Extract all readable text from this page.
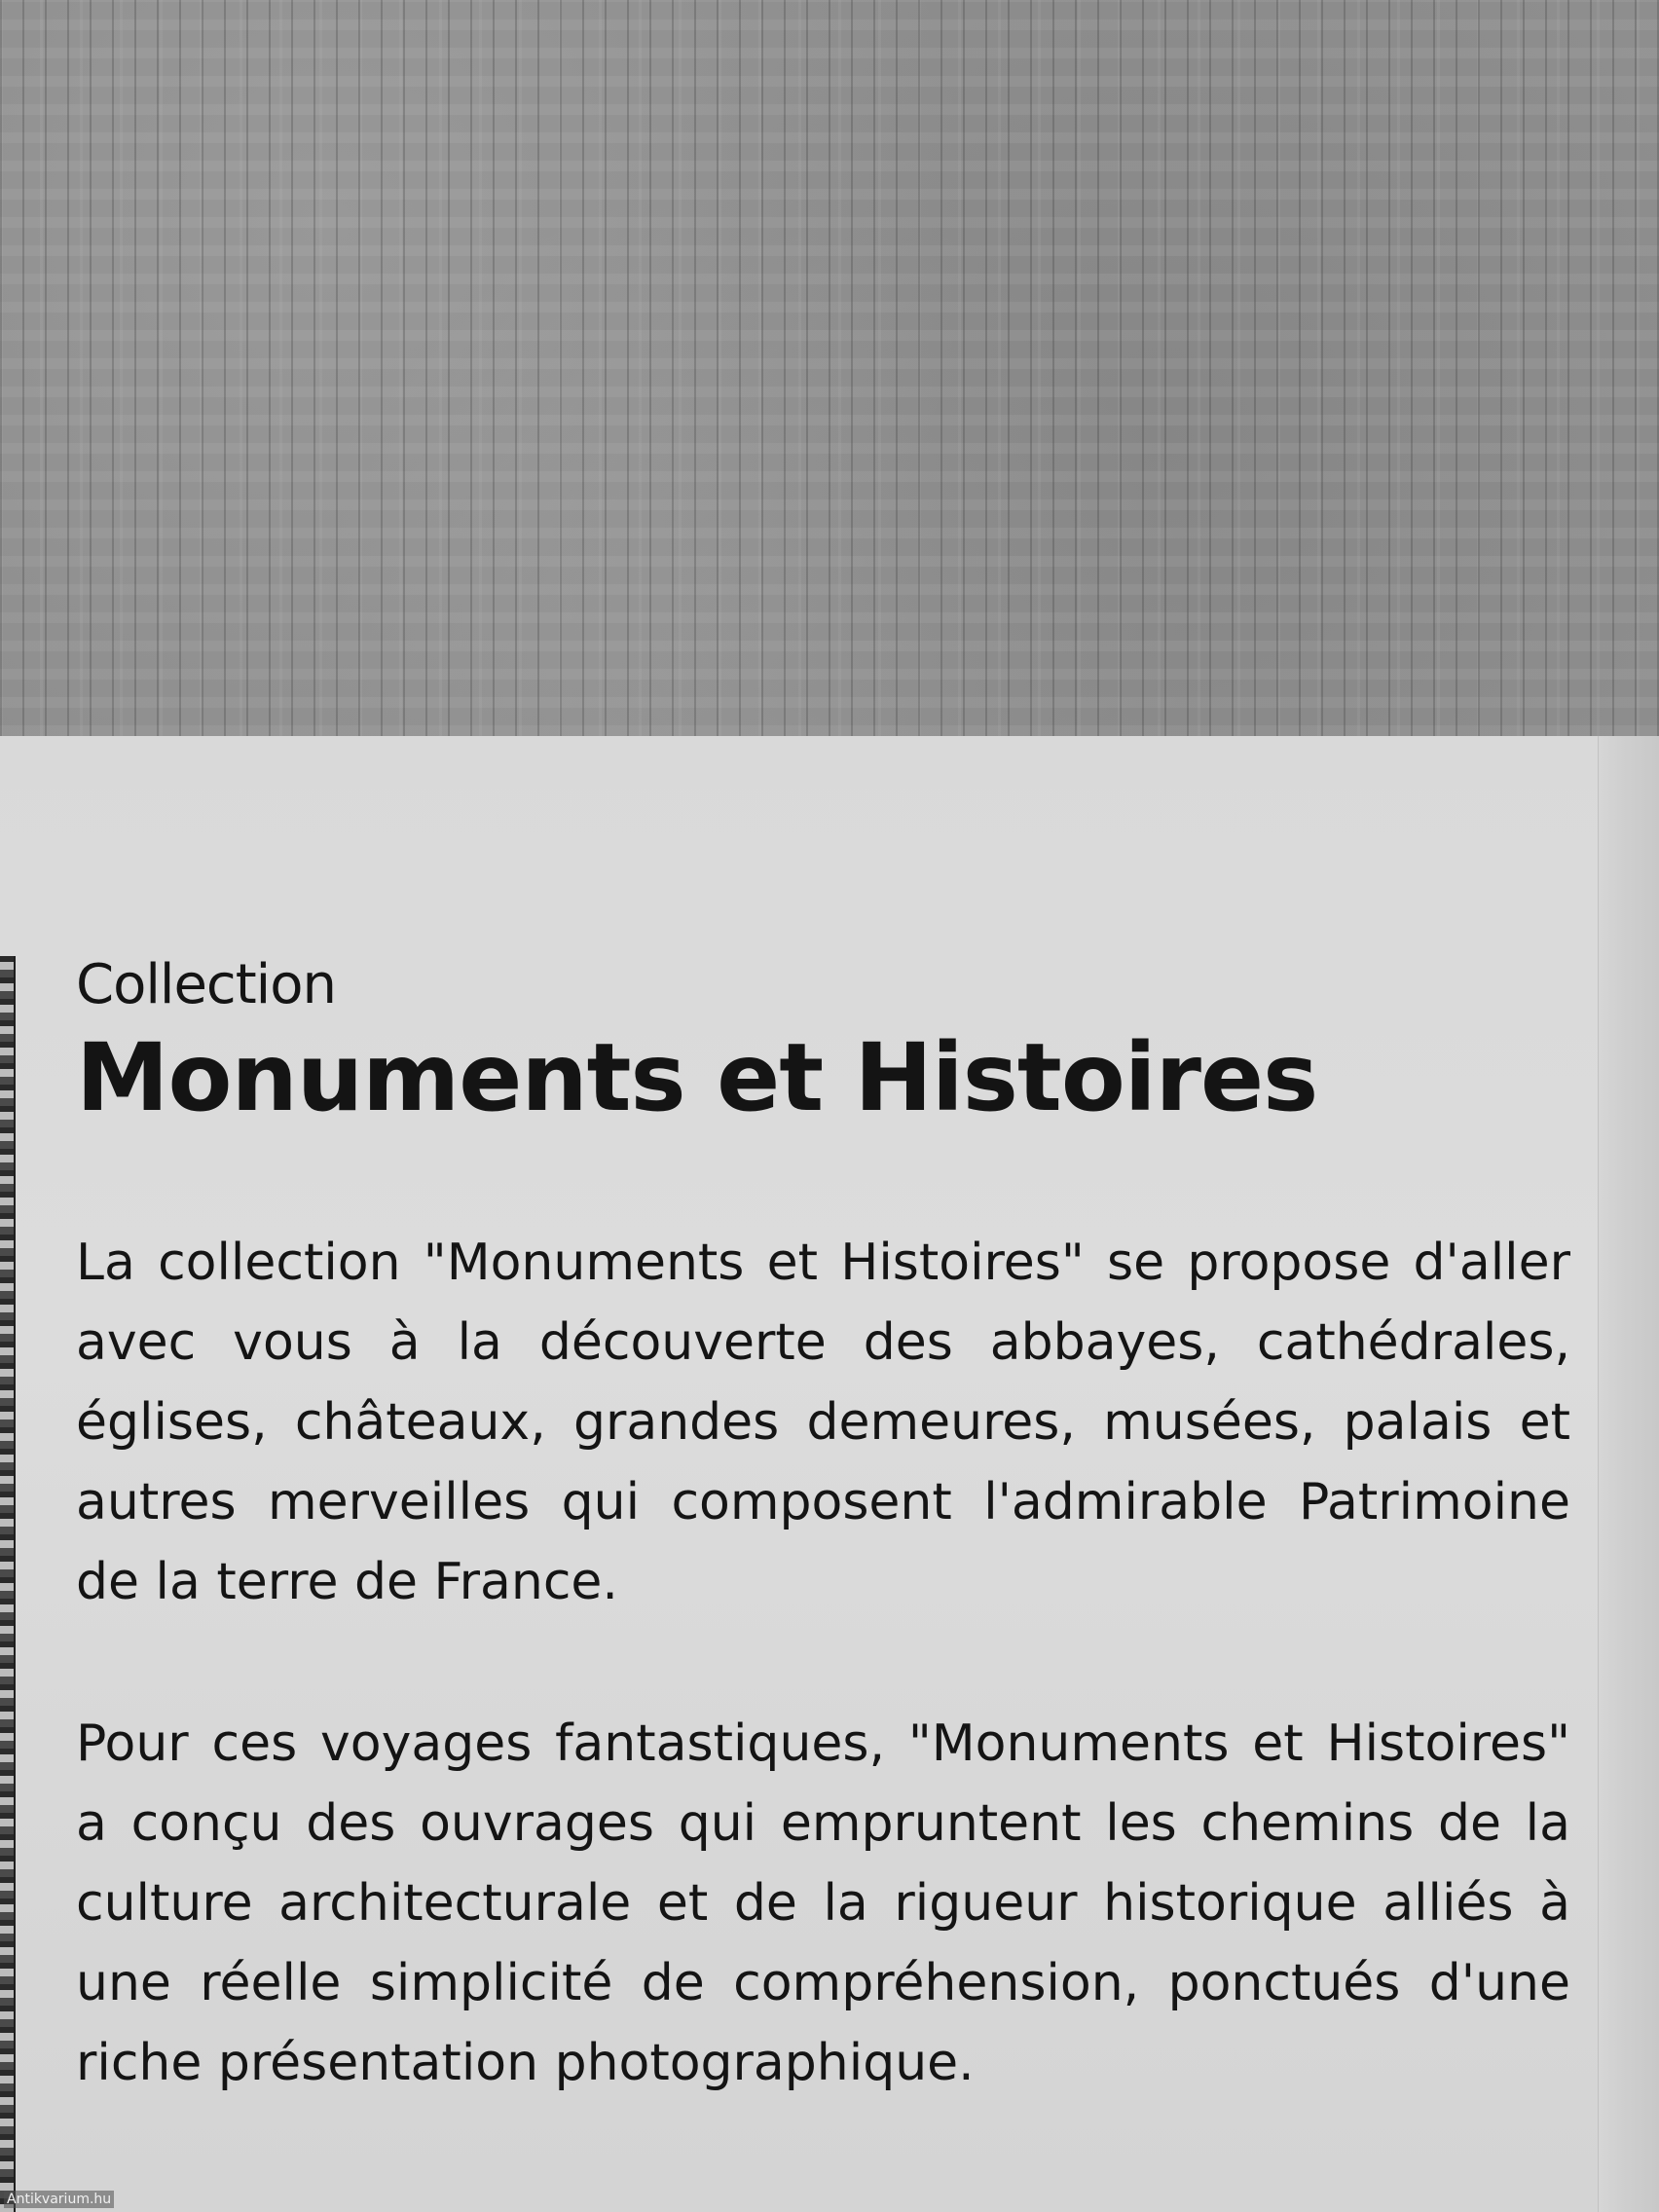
Collection
Monuments et Histoires

La collection "Monuments et Histoires" se propose d'aller avec vous à la découverte des abbayes, cathédrales, églises, châteaux, grandes demeures, musées, palais et autres merveilles qui composent l'admirable Patrimoine de la terre de France.

Pour ces voyages fantastiques, "Monuments et Histoires" a conçu des ouvrages qui empruntent les chemins de la culture architecturale et de la rigueur historique alliés à une réelle simplicité de compréhension, ponctués d'une riche présentation photographique.

Antikvarium.hu
